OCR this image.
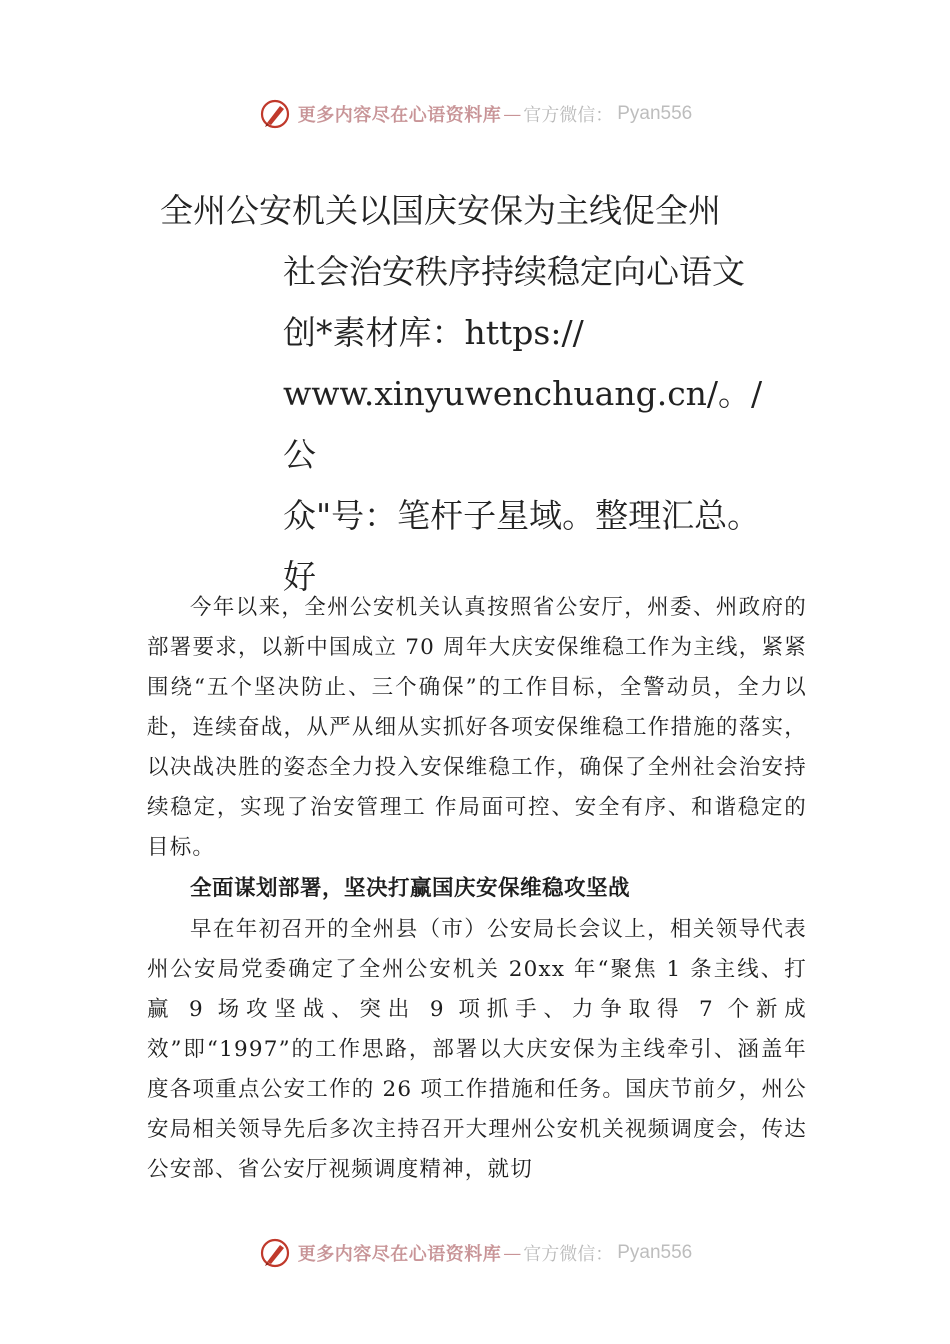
更多内容尽在心语资料库 — 官方微信： Pyan556
全州公安机关以国庆安保为主线促全州
社会治安秩序持续稳定向心语文
创*素材库：https://
www.xinyuwenchuang.cn/。/公
众"号：笔杆子星域。整理汇总。
好

今年以来，全州公安机关认真按照省公安厅，州委、州政府的部署要求，以新中国成立 70 周年大庆安保维稳工作为主线，紧紧围绕“五个坚决防止、三个确保”的工作目标，全警动员，全力以赴，连续奋战，从严从细从实抓好各项安保维稳工作措施的落实，以决战决胜的姿态全力投入安保维稳工作，确保了全州社会治安持续稳定，实现了治安管理工 作局面可控、安全有序、和谐稳定的目标。

全面谋划部署，坚决打赢国庆安保维稳攻坚战

早在年初召开的全州县（市）公安局长会议上，相关领导代表州公安局党委确定了全州公安机关 20xx 年“聚焦 1 条主线、打赢 9 场攻坚战、突出 9 项抓手、力争取得 7 个新成效”即“1997”的工作思路，部署以大庆安保为主线牵引、涵盖年度各项重点公安工作的 26 项工作措施和任务。国庆节前夕，州公安局相关领导先后多次主持召开大理州公安机关视频调度会，传达公安部、省公安厅视频调度精神，就切

更多内容尽在心语资料库 — 官方微信： Pyan556
